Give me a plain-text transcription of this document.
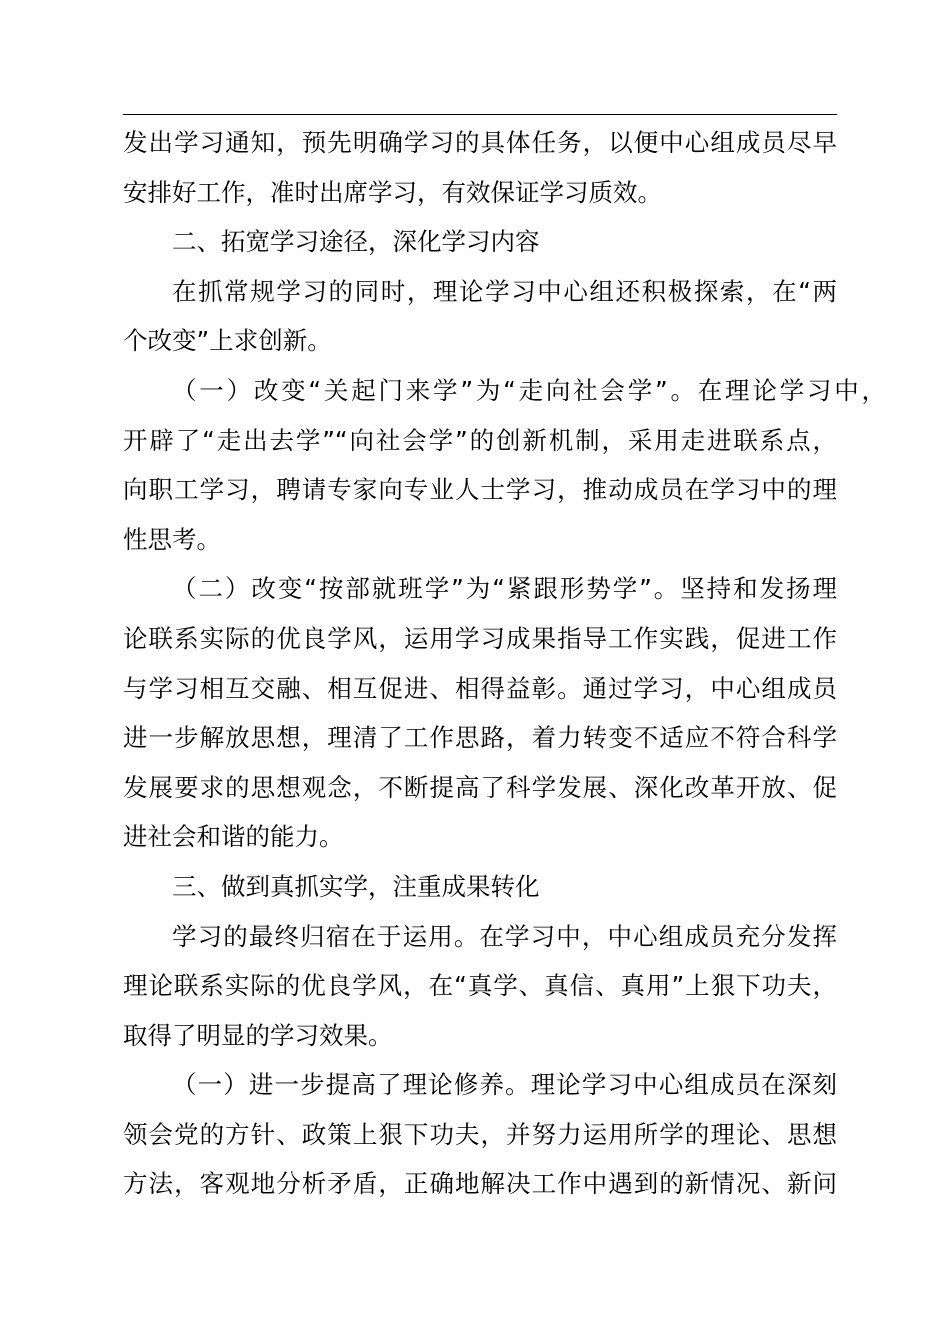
发出学习通知，预先明确学习的具体任务，以便中心组成员尽早
安排好工作，准时出席学习，有效保证学习质效。
二、拓宽学习途径，深化学习内容
在抓常规学习的同时，理论学习中心组还积极探索，在“两
个改变”上求创新。
（一）改变“关起门来学”为“走向社会学”。在理论学习中，
开辟了“走出去学”“向社会学”的创新机制，采用走进联系点，
向职工学习，聘请专家向专业人士学习，推动成员在学习中的理
性思考。
（二）改变“按部就班学”为“紧跟形势学”。坚持和发扬理
论联系实际的优良学风，运用学习成果指导工作实践，促进工作
与学习相互交融、相互促进、相得益彰。通过学习，中心组成员
进一步解放思想，理清了工作思路，着力转变不适应不符合科学
发展要求的思想观念，不断提高了科学发展、深化改革开放、促
进社会和谐的能力。
三、做到真抓实学，注重成果转化
学习的最终归宿在于运用。在学习中，中心组成员充分发挥
理论联系实际的优良学风，在“真学、真信、真用”上狠下功夫，
取得了明显的学习效果。
（一）进一步提高了理论修养。理论学习中心组成员在深刻
领会党的方针、政策上狠下功夫，并努力运用所学的理论、思想
方法，客观地分析矛盾，正确地解决工作中遇到的新情况、新问
